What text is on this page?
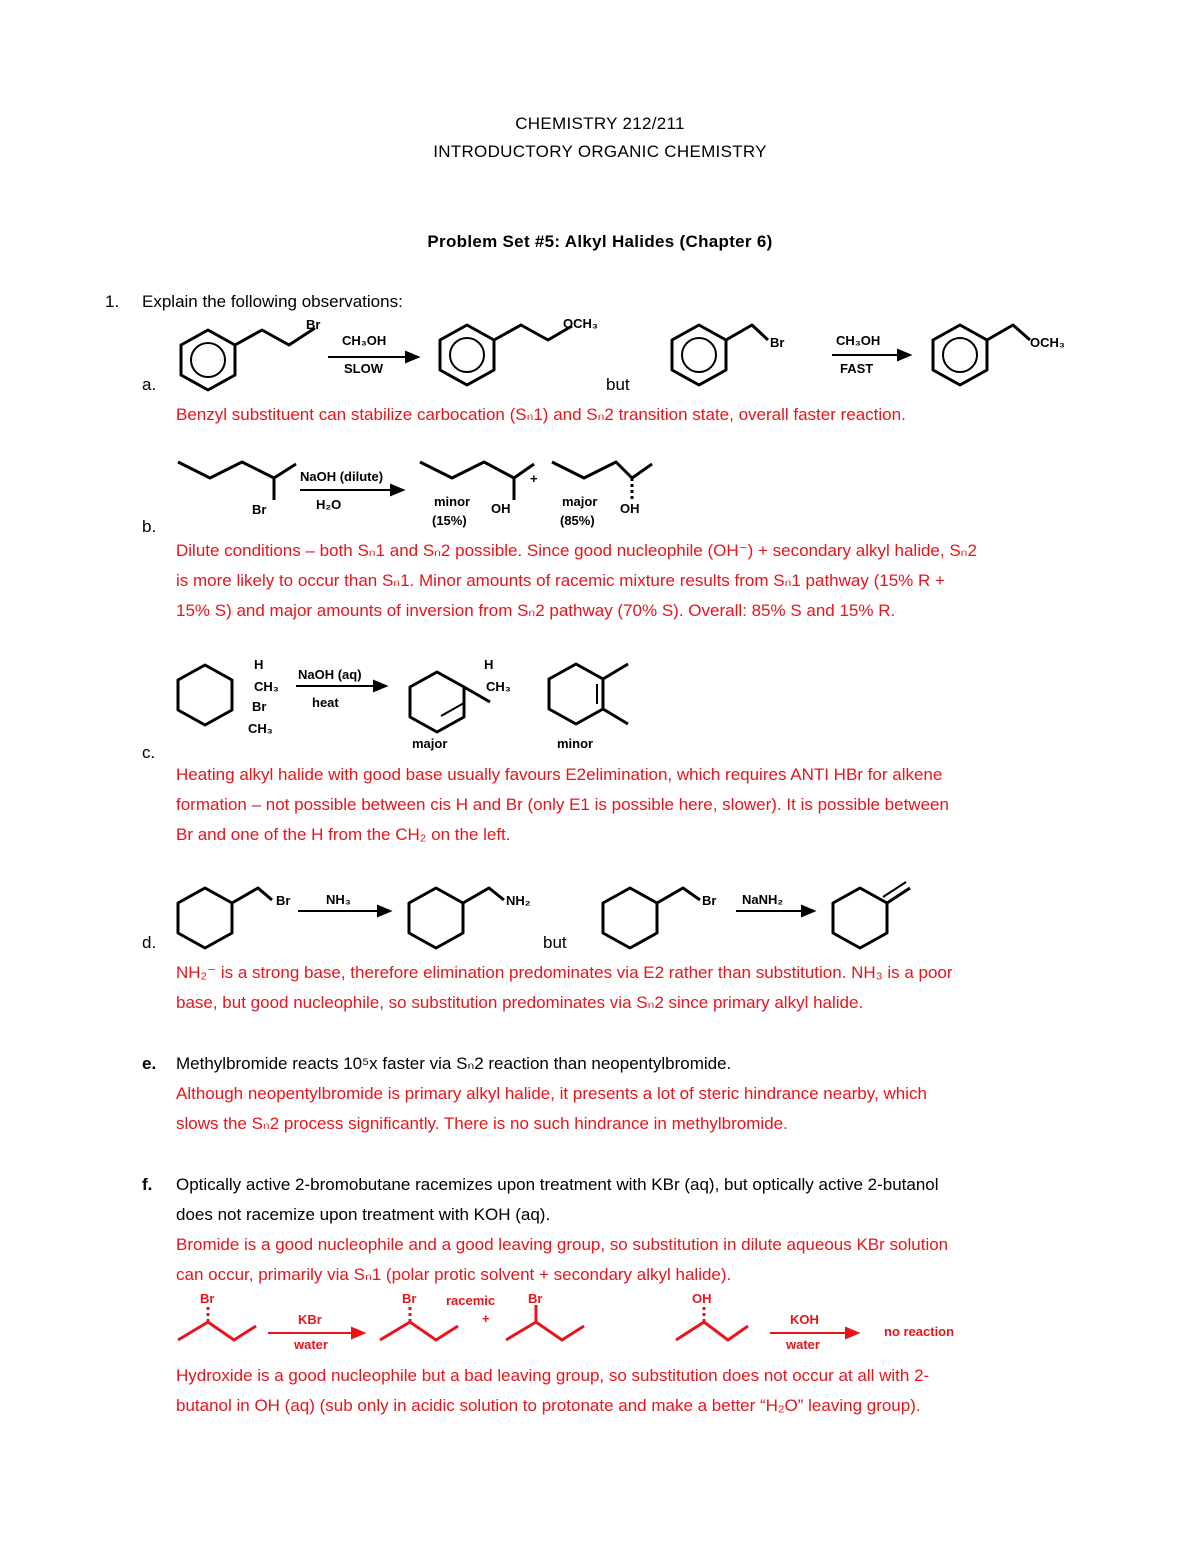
CHEMISTRY 212/211
INTRODUCTORY ORGANIC CHEMISTRY
Problem Set #5: Alkyl Halides (Chapter 6)
1. Explain the following observations:
Br
CH₃OH
SLOW
OCH₃
Br	CH₃OH
FAST
OCH₃
a.	but
Benzyl substituent can stabilize carbocation (Sₙ1) and Sₙ2 transition state, overall faster reaction.
NaOH (dilute)
H₂O
Br
+
minor
(15%)
OH	major
(85%)
OH
b.
Dilute conditions – both Sₙ1 and Sₙ2 possible. Since good nucleophile (OH⁻) + secondary alkyl halide, Sₙ2
is more likely to occur than Sₙ1. Minor amounts of racemic mixture results from Sₙ1 pathway (15% R +
15% S) and major amounts of inversion from Sₙ2 pathway (70% S). Overall: 85% S and 15% R.
H
CH₃
Br
CH₃
NaOH (aq)
heat
H
CH₃
major	minor
c.
Heating alkyl halide with good base usually favours E2elimination, which requires ANTI HBr for alkene
formation – not possible between cis H and Br (only E1 is possible here, slower). It is possible between
Br and one of the H from the CH₂ on the left.
Br	NH₃	NH₂	Br NaNH₂
d.	but
NH₂⁻ is a strong base, therefore elimination predominates via E2 rather than substitution. NH₃ is a poor
base, but good nucleophile, so substitution predominates via Sₙ2 since primary alkyl halide.
e. Methylbromide reacts 10⁵x faster via Sₙ2 reaction than neopentylbromide.
Although neopentylbromide is primary alkyl halide, it presents a lot of steric hindrance nearby, which
slows the Sₙ2 process significantly. There is no such hindrance in methylbromide.
f. Optically active 2-bromobutane racemizes upon treatment with KBr (aq), but optically active 2-butanol
does not racemize upon treatment with KOH (aq).
Bromide is a good nucleophile and a good leaving group, so substitution in dilute aqueous KBr solution
can occur, primarily via Sₙ1 (polar protic solvent + secondary alkyl halide).
Br
KBr
water
Br racemic	Br
+
OH
KOH
water
no reaction
Hydroxide is a good nucleophile but a bad leaving group, so substitution does not occur at all with 2-
butanol in OH (aq) (sub only in acidic solution to protonate and make a better “H₂O” leaving group).
